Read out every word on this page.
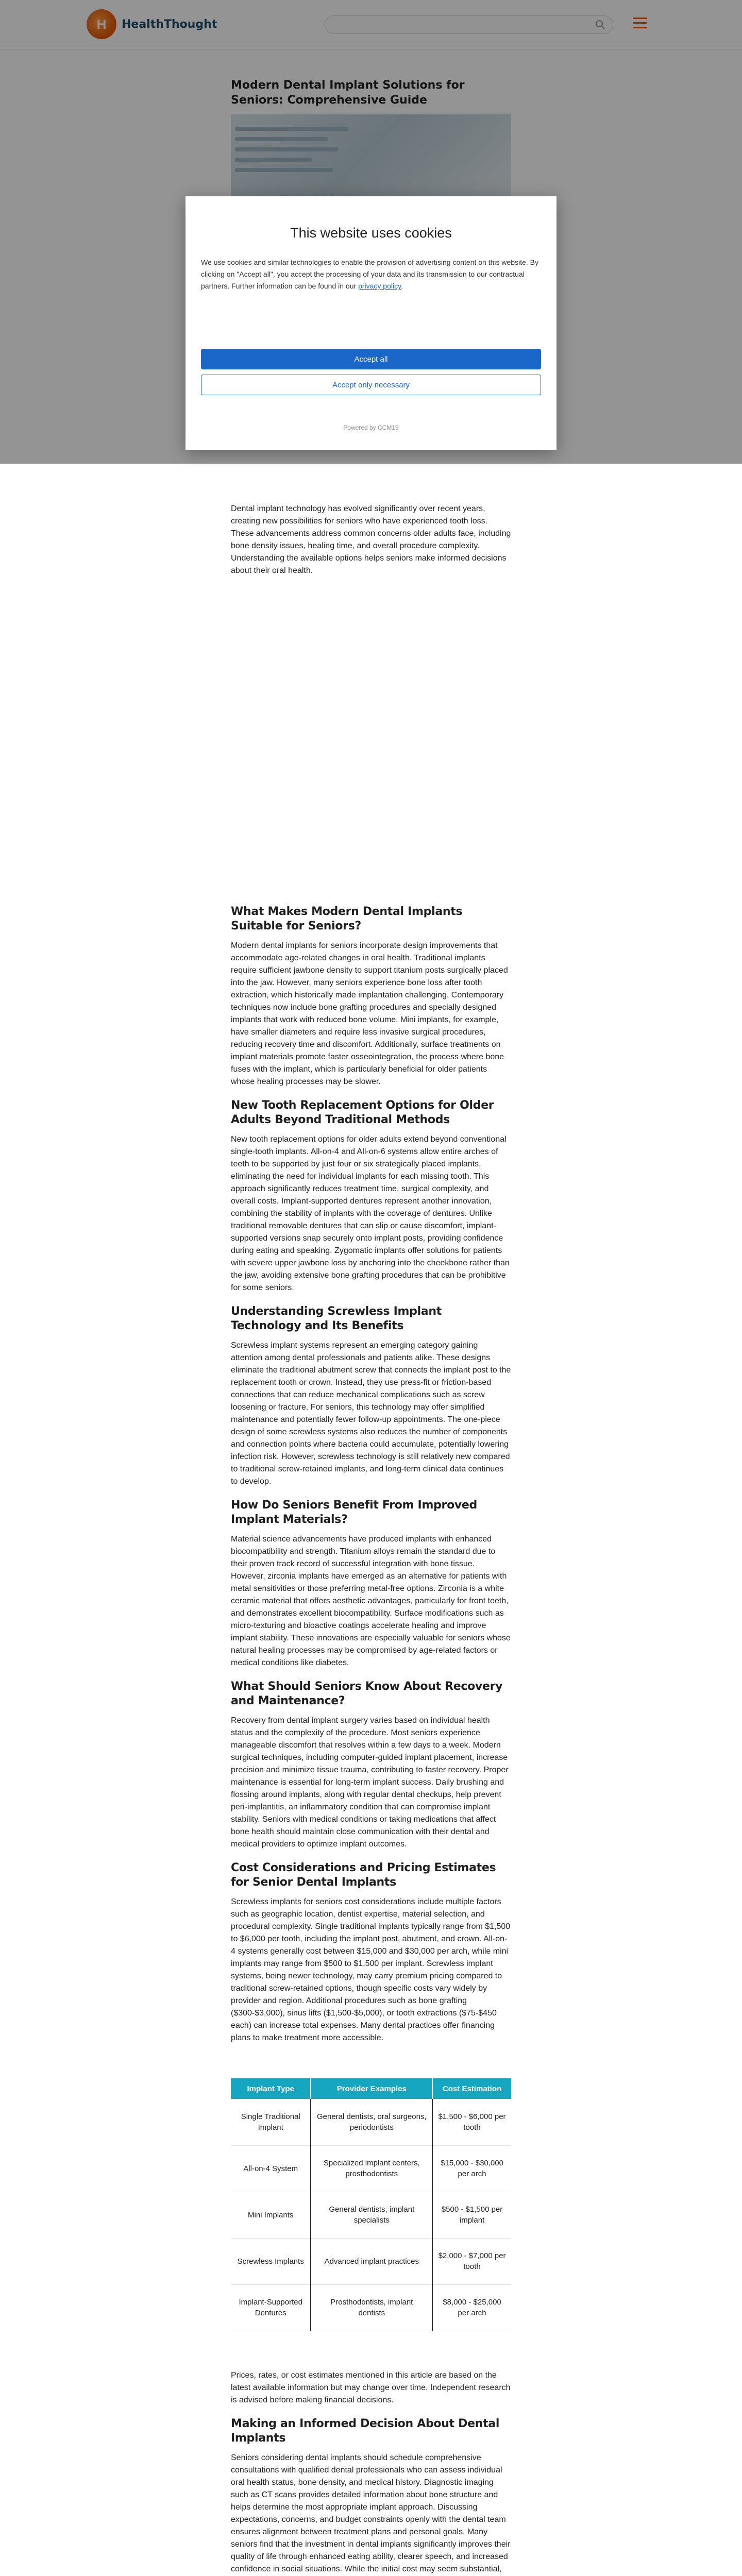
H	HealthThought
Modern Dental Implant Solutions for Seniors: Comprehensive Guide
This website uses cookies

We use cookies and similar technologies to enable the provision of advertising content on this website. By clicking on "Accept all", you accept the processing of your data and its transmission to our contractual partners. Further information can be found in our privacy policy.

Accept all
Accept only necessary

Powered by CCM19

Dental implant technology has evolved significantly over recent years, creating new possibilities for seniors who have experienced tooth loss. These advancements address common concerns older adults face, including bone density issues, healing time, and overall procedure complexity. Understanding the available options helps seniors make informed decisions about their oral health.

What Makes Modern Dental Implants Suitable for Seniors?

Modern dental implants for seniors incorporate design improvements that accommodate age-related changes in oral health. Traditional implants require sufficient jawbone density to support titanium posts surgically placed into the jaw. However, many seniors experience bone loss after tooth extraction, which historically made implantation challenging. Contemporary techniques now include bone grafting procedures and specially designed implants that work with reduced bone volume. Mini implants, for example, have smaller diameters and require less invasive surgical procedures, reducing recovery time and discomfort. Additionally, surface treatments on implant materials promote faster osseointegration, the process where bone fuses with the implant, which is particularly beneficial for older patients whose healing processes may be slower.

New Tooth Replacement Options for Older Adults Beyond Traditional Methods

New tooth replacement options for older adults extend beyond conventional single-tooth implants. All-on-4 and All-on-6 systems allow entire arches of teeth to be supported by just four or six strategically placed implants, eliminating the need for individual implants for each missing tooth. This approach significantly reduces treatment time, surgical complexity, and overall costs. Implant-supported dentures represent another innovation, combining the stability of implants with the coverage of dentures. Unlike traditional removable dentures that can slip or cause discomfort, implant-supported versions snap securely onto implant posts, providing confidence during eating and speaking. Zygomatic implants offer solutions for patients with severe upper jawbone loss by anchoring into the cheekbone rather than the jaw, avoiding extensive bone grafting procedures that can be prohibitive for some seniors.

Understanding Screwless Implant Technology and Its Benefits

Screwless implant systems represent an emerging category gaining attention among dental professionals and patients alike. These designs eliminate the traditional abutment screw that connects the implant post to the replacement tooth or crown. Instead, they use press-fit or friction-based connections that can reduce mechanical complications such as screw loosening or fracture. For seniors, this technology may offer simplified maintenance and potentially fewer follow-up appointments. The one-piece design of some screwless systems also reduces the number of components and connection points where bacteria could accumulate, potentially lowering infection risk. However, screwless technology is still relatively new compared to traditional screw-retained implants, and long-term clinical data continues to develop.

How Do Seniors Benefit From Improved Implant Materials?

Material science advancements have produced implants with enhanced biocompatibility and strength. Titanium alloys remain the standard due to their proven track record of successful integration with bone tissue. However, zirconia implants have emerged as an alternative for patients with metal sensitivities or those preferring metal-free options. Zirconia is a white ceramic material that offers aesthetic advantages, particularly for front teeth, and demonstrates excellent biocompatibility. Surface modifications such as micro-texturing and bioactive coatings accelerate healing and improve implant stability. These innovations are especially valuable for seniors whose natural healing processes may be compromised by age-related factors or medical conditions like diabetes.

What Should Seniors Know About Recovery and Maintenance?

Recovery from dental implant surgery varies based on individual health status and the complexity of the procedure. Most seniors experience manageable discomfort that resolves within a few days to a week. Modern surgical techniques, including computer-guided implant placement, increase precision and minimize tissue trauma, contributing to faster recovery. Proper maintenance is essential for long-term implant success. Daily brushing and flossing around implants, along with regular dental checkups, help prevent peri-implantitis, an inflammatory condition that can compromise implant stability. Seniors with medical conditions or taking medications that affect bone health should maintain close communication with their dental and medical providers to optimize implant outcomes.

Cost Considerations and Pricing Estimates for Senior Dental Implants

Screwless implants for seniors cost considerations include multiple factors such as geographic location, dentist expertise, material selection, and procedural complexity. Single traditional implants typically range from $1,500 to $6,000 per tooth, including the implant post, abutment, and crown. All-on-4 systems generally cost between $15,000 and $30,000 per arch, while mini implants may range from $500 to $1,500 per implant. Screwless implant systems, being newer technology, may carry premium pricing compared to traditional screw-retained options, though specific costs vary widely by provider and region. Additional procedures such as bone grafting ($300-$3,000), sinus lifts ($1,500-$5,000), or tooth extractions ($75-$450 each) can increase total expenses. Many dental practices offer financing plans to make treatment more accessible.

Implant Type	Provider Examples	Cost Estimation
Single Traditional Implant	General dentists, oral surgeons, periodontists	$1,500 - $6,000 per tooth
All-on-4 System	Specialized implant centers, prosthodontists	$15,000 - $30,000 per arch
Mini Implants	General dentists, implant specialists	$500 - $1,500 per implant
Screwless Implants	Advanced implant practices	$2,000 - $7,000 per tooth
Implant-Supported Dentures	Prosthodontists, implant dentists	$8,000 - $25,000 per arch

Prices, rates, or cost estimates mentioned in this article are based on the latest available information but may change over time. Independent research is advised before making financial decisions.

Making an Informed Decision About Dental Implants

Seniors considering dental implants should schedule comprehensive consultations with qualified dental professionals who can assess individual oral health status, bone density, and medical history. Diagnostic imaging such as CT scans provides detailed information about bone structure and helps determine the most appropriate implant approach. Discussing expectations, concerns, and budget constraints openly with the dental team ensures alignment between treatment plans and personal goals. Many seniors find that the investment in dental implants significantly improves their quality of life through enhanced eating ability, clearer speech, and increased confidence in social situations. While the initial cost may seem substantial,
